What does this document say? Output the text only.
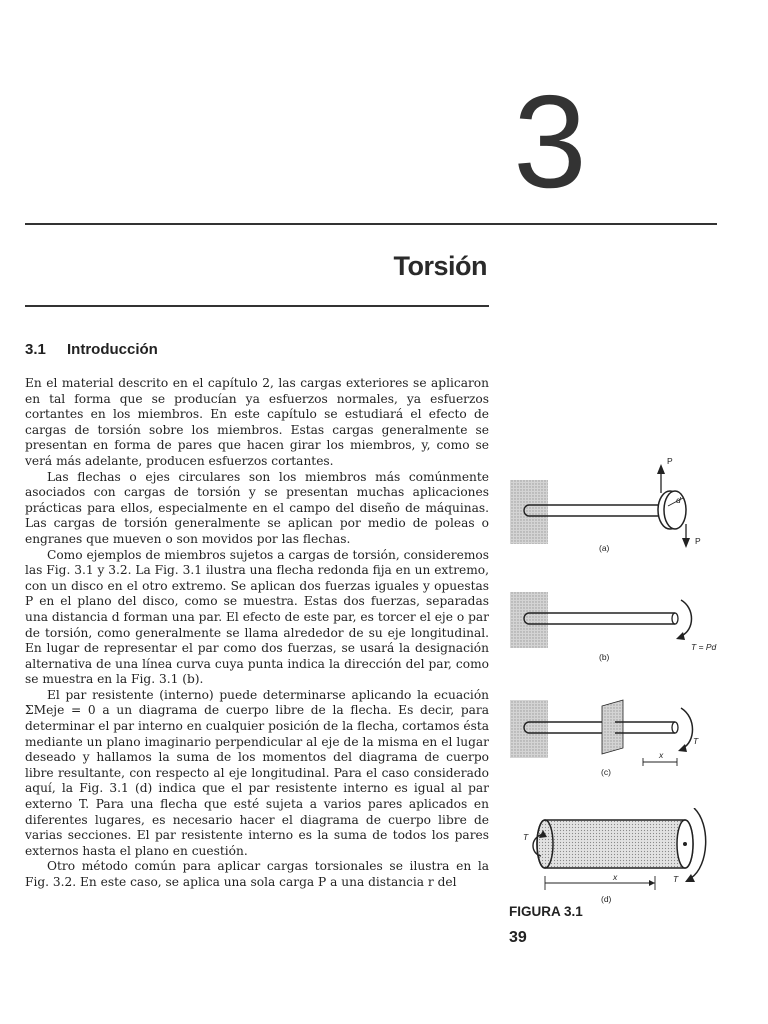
3
Torsión
3.1 Introducción

En el material descrito en el capítulo 2, las cargas exteriores se aplicaron en tal forma que se producían ya esfuerzos normales, ya esfuerzos cortantes en los miembros. En este capítulo se estudiará el efecto de cargas de torsión sobre los miembros. Estas cargas generalmente se presentan en forma de pares que hacen girar los miembros, y, como se verá más adelante, producen esfuerzos cortantes.

Las flechas o ejes circulares son los miembros más comúnmente asociados con cargas de torsión y se presentan muchas aplicaciones prácticas para ellos, especialmente en el campo del diseño de máquinas. Las cargas de torsión generalmente se aplican por medio de poleas o engranes que mueven o son movidos por las flechas.

Como ejemplos de miembros sujetos a cargas de torsión, consideremos las Fig. 3.1 y 3.2. La Fig. 3.1 ilustra una flecha redonda fija en un extremo, con un disco en el otro extremo. Se aplican dos fuerzas iguales y opuestas P en el plano del disco, como se muestra. Estas dos fuerzas, separadas una distancia d forman una par. El efecto de este par, es torcer el eje o par de torsión, como generalmente se llama alrededor de su eje longitudinal. En lugar de representar el par como dos fuerzas, se usará la designación alternativa de una línea curva cuya punta indica la dirección del par, como se muestra en la Fig. 3.1 (b).

El par resistente (interno) puede determinarse aplicando la ecuación ΣMeje = 0 a un diagrama de cuerpo libre de la flecha. Es decir, para determinar el par interno en cualquier posición de la flecha, cortamos ésta mediante un plano imaginario perpendicular al eje de la misma en el lugar deseado y hallamos la suma de los momentos del diagrama de cuerpo libre resultante, con respecto al eje longitudinal. Para el caso considerado aquí, la Fig. 3.1 (d) indica que el par resistente interno es igual al par externo T. Para una flecha que esté sujeta a varios pares aplicados en diferentes lugares, es necesario hacer el diagrama de cuerpo libre de varias secciones. El par resistente interno es la suma de todos los pares externos hasta el plano en cuestión.

Otro método común para aplicar cargas torsionales se ilustra en la Fig. 3.2. En este caso, se aplica una sola carga P a una distancia r del

P
d
P
(a)
T = Pd
(b)
T
x
(c)
T
T
x
(d)
FIGURA 3.1
39
